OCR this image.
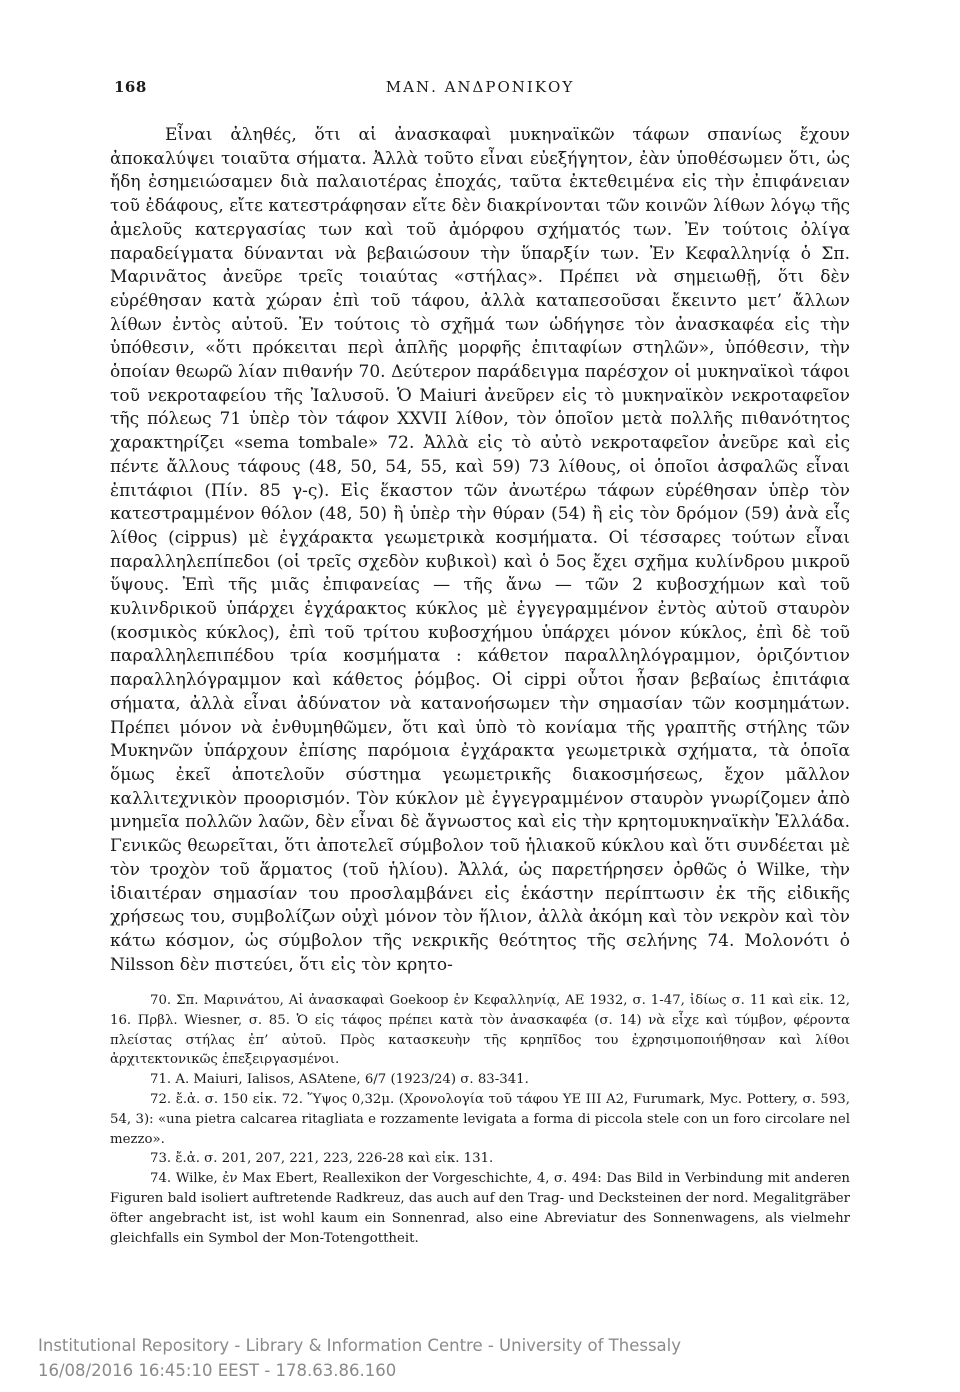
168	ΜΑΝ. ΑΝΔΡΟΝΙΚΟΥ

Εἶναι ἀληθές, ὅτι αἱ ἀνασκαφαὶ μυκηναϊκῶν τάφων σπανίως ἔχουν ἀποκαλύψει τοιαῦτα σήματα. Ἀλλὰ τοῦτο εἶναι εὐεξήγητον, ἐὰν ὑποθέσωμεν ὅτι, ὡς ἤδη ἐσημειώσαμεν διὰ παλαιοτέρας ἐποχάς, ταῦτα ἐκτεθειμένα εἰς τὴν ἐπιφάνειαν τοῦ ἐδάφους, εἴτε κατεστράφησαν εἴτε δὲν διακρίνονται τῶν κοινῶν λίθων λόγῳ τῆς ἀμελοῦς κατεργασίας των καὶ τοῦ ἀμόρφου σχήματός των. Ἐν τούτοις ὀλίγα παραδείγματα δύνανται νὰ βεβαιώσουν τὴν ὕπαρξίν των. Ἐν Κεφαλληνίᾳ ὁ Σπ. Μαρινᾶτος ἀνεῦρε τρεῖς τοιαύτας «στήλας». Πρέπει νὰ σημειωθῇ, ὅτι δὲν εὑρέθησαν κατὰ χώραν ἐπὶ τοῦ τάφου, ἀλλὰ καταπεσοῦσαι ἔκειντο μετ’ ἄλλων λίθων ἐντὸς αὐτοῦ. Ἐν τούτοις τὸ σχῆμά των ὡδήγησε τὸν ἀνασκαφέα εἰς τὴν ὑπόθεσιν, «ὅτι πρόκειται περὶ ἁπλῆς μορφῆς ἐπιταφίων στηλῶν», ὑπόθεσιν, τὴν ὁποίαν θεωρῶ λίαν πιθανήν 70. Δεύτερον παράδειγμα παρέσχον οἱ μυκηναϊκοὶ τάφοι τοῦ νεκροταφείου τῆς Ἰαλυσοῦ. Ὁ Maiuri ἀνεῦρεν εἰς τὸ μυκηναϊκὸν νεκροταφεῖον τῆς πόλεως 71 ὑπὲρ τὸν τάφον XXVII λίθον, τὸν ὁποῖον μετὰ πολλῆς πιθανότητος χαρακτηρίζει «sema tombale» 72. Ἀλλὰ εἰς τὸ αὐτὸ νεκροταφεῖον ἀνεῦρε καὶ εἰς πέντε ἄλλους τάφους (48, 50, 54, 55, καὶ 59) 73 λίθους, οἱ ὁποῖοι ἀσφαλῶς εἶναι ἐπιτάφιοι (Πίν. 85 γ-ς). Εἰς ἕκαστον τῶν ἀνωτέρω τάφων εὑρέθησαν ὑπὲρ τὸν κατεστραμμένον θόλον (48, 50) ἢ ὑπὲρ τὴν θύραν (54) ἢ εἰς τὸν δρόμον (59) ἀνὰ εἷς λίθος (cippus) μὲ ἐγχάρακτα γεωμετρικὰ κοσμήματα. Οἱ τέσσαρες τούτων εἶναι παραλληλεπίπεδοι (οἱ τρεῖς σχεδὸν κυβικοὶ) καὶ ὁ 5ος ἔχει σχῆμα κυλίνδρου μικροῦ ὕψους. Ἐπὶ τῆς μιᾶς ἐπιφανείας — τῆς ἄνω — τῶν 2 κυβοσχήμων καὶ τοῦ κυλινδρικοῦ ὑπάρχει ἐγχάρακτος κύκλος μὲ ἐγγεγραμμένον ἐντὸς αὐτοῦ σταυρὸν (κοσμικὸς κύκλος), ἐπὶ τοῦ τρίτου κυβοσχήμου ὑπάρχει μόνον κύκλος, ἐπὶ δὲ τοῦ παραλληλεπιπέδου τρία κοσμήματα : κάθετον παραλληλόγραμμον, ὁριζόντιον παραλληλόγραμμον καὶ κάθετος ῥόμβος. Οἱ cippi οὗτοι ἦσαν βεβαίως ἐπιτάφια σήματα, ἀλλὰ εἶναι ἀδύνατον νὰ κατανοήσωμεν τὴν σημασίαν τῶν κοσμημάτων. Πρέπει μόνον νὰ ἐνθυμηθῶμεν, ὅτι καὶ ὑπὸ τὸ κονίαμα τῆς γραπτῆς στήλης τῶν Μυκηνῶν ὑπάρχουν ἐπίσης παρόμοια ἐγχάρακτα γεωμετρικὰ σχήματα, τὰ ὁποῖα ὅμως ἐκεῖ ἀποτελοῦν σύστημα γεωμετρικῆς διακοσμήσεως, ἔχον μᾶλλον καλλιτεχνικὸν προορισμόν. Τὸν κύκλον μὲ ἐγγεγραμμένον σταυρὸν γνωρίζομεν ἀπὸ μνημεῖα πολλῶν λαῶν, δὲν εἶναι δὲ ἄγνωστος καὶ εἰς τὴν κρητομυκηναϊκὴν Ἑλλάδα. Γενικῶς θεωρεῖται, ὅτι ἀποτελεῖ σύμβολον τοῦ ἡλιακοῦ κύκλου καὶ ὅτι συνδέεται μὲ τὸν τροχὸν τοῦ ἅρματος (τοῦ ἡλίου). Ἀλλά, ὡς παρετήρησεν ὀρθῶς ὁ Wilke, τὴν ἰδιαιτέραν σημασίαν του προσλαμβάνει εἰς ἑκάστην περίπτωσιν ἐκ τῆς εἰδικῆς χρήσεως του, συμβολίζων οὐχὶ μόνον τὸν ἥλιον, ἀλλὰ ἀκόμη καὶ τὸν νεκρὸν καὶ τὸν κάτω κόσμον, ὡς σύμβολον τῆς νεκρικῆς θεότητος τῆς σελήνης 74. Μολονότι ὁ Nilsson δὲν πιστεύει, ὅτι εἰς τὸν κρητο-

70. Σπ. Μαρινάτου, Αἱ ἀνασκαφαὶ Goekoop ἐν Κεφαλληνίᾳ, ΑΕ 1932, σ. 1-47, ἰδίως σ. 11 καὶ εἰκ. 12, 16. Πρβλ. Wiesner, σ. 85. Ὁ εἰς τάφος πρέπει κατὰ τὸν ἀνασκαφέα (σ. 14) νὰ εἶχε καὶ τύμβον, φέροντα πλείστας στήλας ἐπ’ αὐτοῦ. Πρὸς κατασκευὴν τῆς κρηπῖδος του ἐχρησιμοποιήθησαν καὶ λίθοι ἀρχιτεκτονικῶς ἐπεξειργασμένοι.

71. A. Maiuri, Ialisos, ASAtene, 6/7 (1923/24) σ. 83-341.

72. ἔ.ἀ. σ. 150 εἰκ. 72. Ὕψος 0,32μ. (Χρονολογία τοῦ τάφου ΥΕ III Α2, Furumark, Myc. Pottery, σ. 593, 54, 3): «una pietra calcarea ritagliata e rozzamente levigata a forma di piccola stele con un foro circolare nel mezzo».

73. ἔ.ἀ. σ. 201, 207, 221, 223, 226-28 καὶ εἰκ. 131.

74. Wilke, ἐν Max Ebert, Reallexikon der Vorgeschichte, 4, σ. 494: Das Bild in Verbindung mit anderen Figuren bald isoliert auftretende Radkreuz, das auch auf den Trag- und Decksteinen der nord. Megalitgräber öfter angebracht ist, ist wohl kaum ein Sonnenrad, also eine Abreviatur des Sonnenwagens, als vielmehr gleichfalls ein Symbol der Mon-Totengottheit.

Institutional Repository - Library & Information Centre - University of Thessaly
16/08/2016 16:45:10 EEST - 178.63.86.160
